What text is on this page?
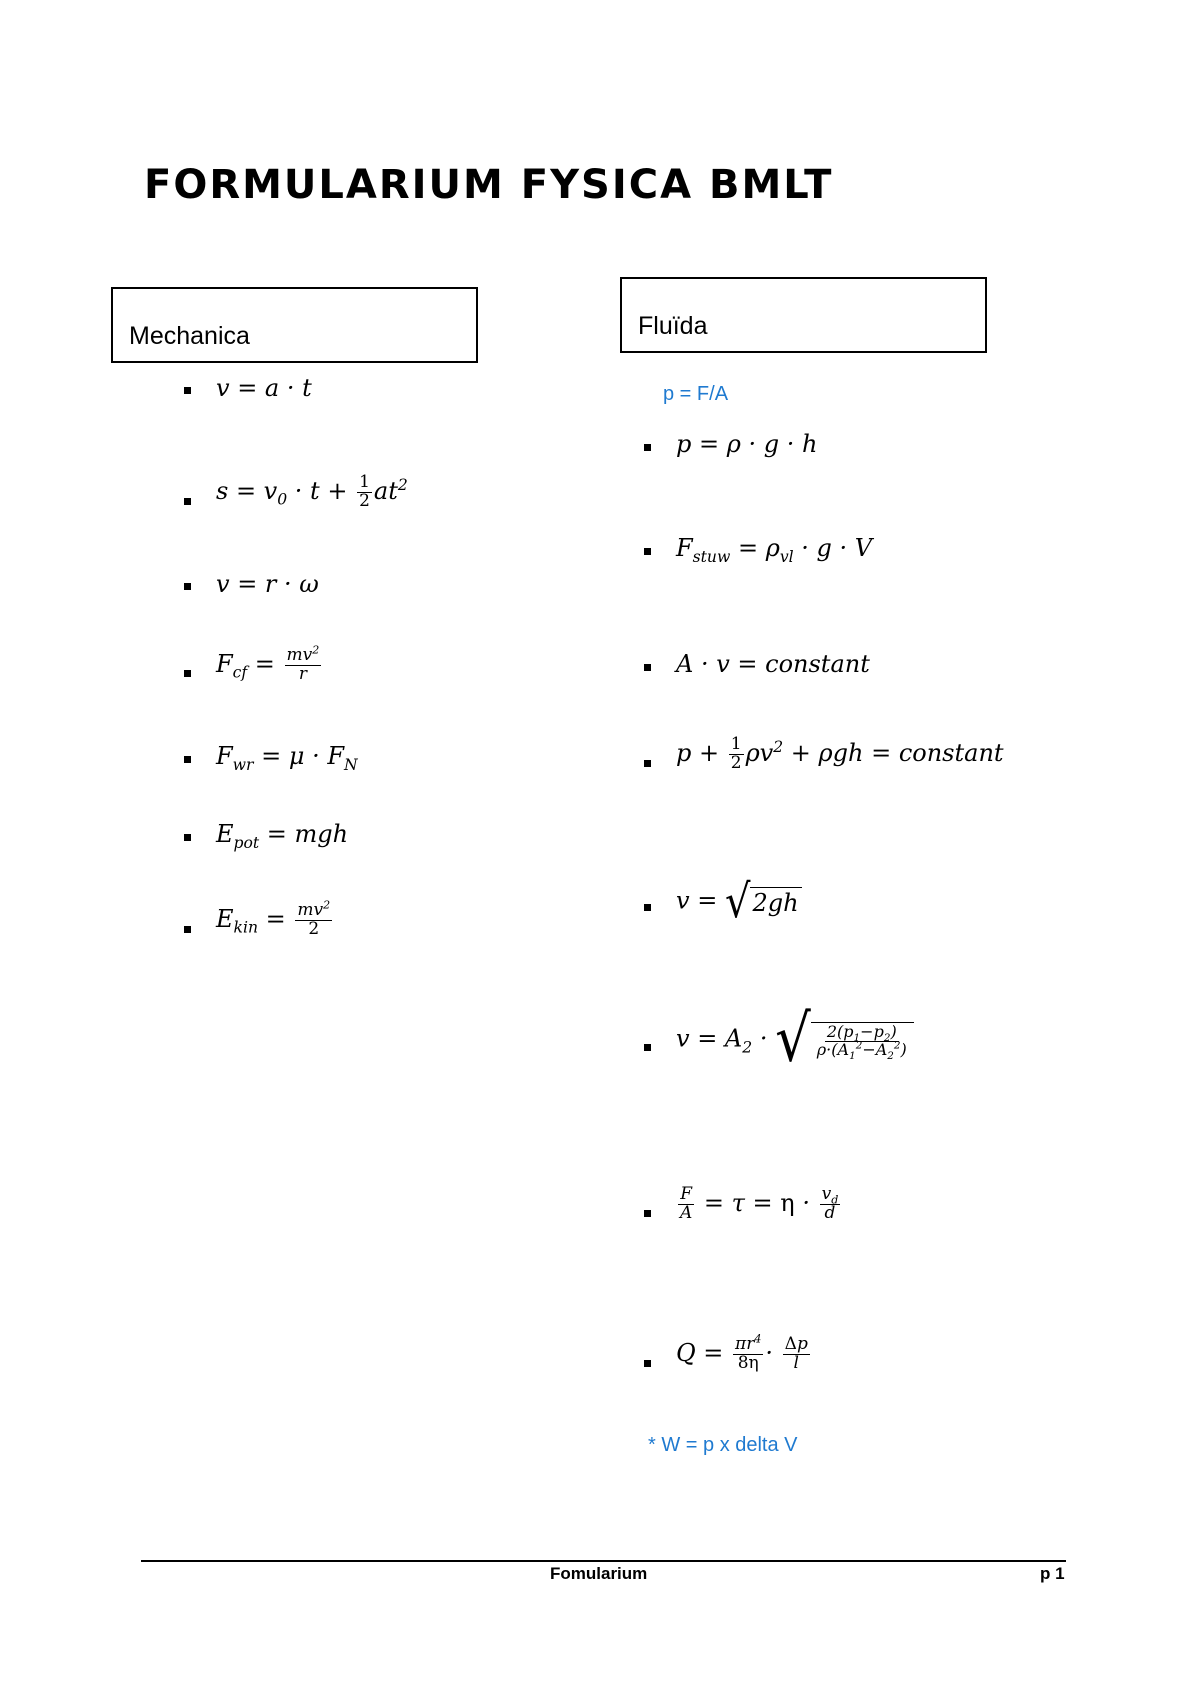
FORMULARIUM FYSICA BMLT
Mechanica
v = a · t
$s = v_0 \cdot t + \frac{1}{2} at^2$
v = r · ω
$F_{cf} = \frac{mv^2}{r}$
$F_{wr} = \mu \cdot F_N$
$E_{pot}$ = mgh
$E_{kin} = \frac{mv^2}{2}$
Fluïda
p = F/A
p = ρ · g · h
$F_{stuw} = \rho_{vl} \cdot g \cdot V$
A · v = constant
$p + \frac{1}{2} \rho v^2 + \rho gh$ = constant
v = √ 2gh
$v = A_2$ · √ $\frac{2(p_1-p_2)}{\rho\cdot(A_1^2-A_2^2)}$
$\frac{F}{A} = \tau = \eta \cdot \frac{v_d}{d}$
$Q = \frac{\pi r^4}{8\eta} \cdot \frac{\Delta p}{l}$
* W = p x delta V
Fomularium	p 1
